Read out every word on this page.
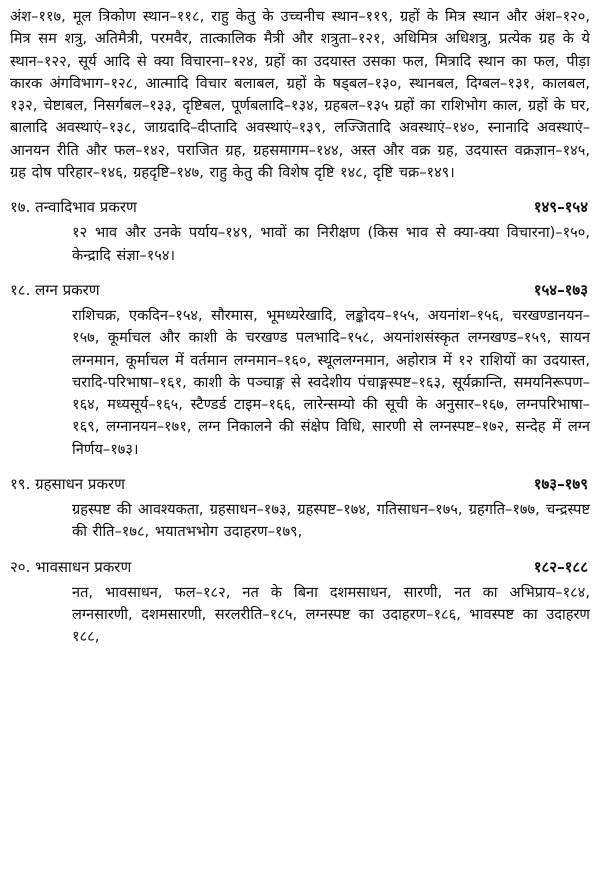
अंश–११७, मूल त्रिकोण स्थान–११८, राहु केतु के उच्चनीच स्थान–११९, ग्रहों के मित्र स्थान और अंश–१२०, मित्र सम शत्रु, अतिमैत्री, परमवैर, तात्कालिक मैत्री और शत्रुता–१२१, अधिमित्र अधिशत्रु, प्रत्येक ग्रह के ये स्थान–१२२, सूर्य आदि से क्या विचारना–१२४, ग्रहों का उदयास्त उसका फल, मित्रादि स्थान का फल, पीड़ा कारक अंगविभाग–१२८, आत्मादि विचार बलाबल, ग्रहों के षड्बल–१३०, स्थानबल, दिग्बल–१३१, कालबल, १३२, चेष्टाबल, निसर्गबल–१३३, दृष्टिबल, पूर्णबलादि–१३४, ग्रहबल–१३५ ग्रहों का राशिभोग काल, ग्रहों के घर, बालादि अवस्थाएं–१३८, जाग्रदादि–दीप्तादि अवस्थाएं–१३९, लज्जितादि अवस्थाएं–१४०, स्नानादि अवस्थाएं–आनयन रीति और फल–१४२, पराजित ग्रह, ग्रहसमागम–१४४, अस्त और वक्र ग्रह, उदयास्त वक्रज्ञान–१४५, ग्रह दोष परिहार–१४६, ग्रहदृष्टि–१४७, राहु केतु की विशेष दृष्टि १४८, दृष्टि चक्र–१४९।

१७. तन्वादिभाव प्रकरण	१४९–१५४

१२ भाव और उनके पर्याय–१४९, भावों का निरीक्षण (किस भाव से क्या-क्या विचारना)–१५०, केन्द्रादि संज्ञा–१५४।

१८. लग्न प्रकरण	१५४–१७३

राशिचक्र, एकदिन–१५४, सौरमास, भूमध्यरेखादि, लङ्कोदय–१५५, अयनांश–१५६, चरखण्डानयन–१५७, कूर्माचल और काशी के चरखण्ड पलभादि–१५८, अयनांशसंस्कृत लग्नखण्ड–१५९, सायन लग्नमान, कूर्माचल में वर्तमान लग्नमान–१६०, स्थूललग्नमान, अहोरात्र में १२ राशियों का उदयास्त, चरादि-परिभाषा–१६१, काशी के पञ्चाङ्ग से स्वदेशीय पंचाङ्गस्पष्ट–१६३, सूर्यक्रान्ति, समयनिरूपण–१६४, मध्यसूर्य–१६५, स्टैण्डर्ड टाइम–१६६, लारेन्सम्यो की सूची के अनुसार–१६७, लग्नपरिभाषा–१६९, लग्नानयन–१७१, लग्न निकालने की संक्षेप विधि, सारणी से लग्नस्पष्ट–१७२, सन्देह में लग्न निर्णय–१७३।

१९. ग्रहसाधन प्रकरण	१७३–१७९

ग्रहस्पष्ट की आवश्यकता, ग्रहसाधन–१७३, ग्रहस्पष्ट–१७४, गतिसाधन–१७५, ग्रहगति–१७७, चन्द्रस्पष्ट की रीति–१७८, भयातभभोग उदाहरण–१७९,

२०. भावसाधन प्रकरण	१८२–१८८

नत, भावसाधन, फल–१८२, नत के बिना दशमसाधन, सारणी, नत का अभिप्राय–१८४, लग्नसारणी, दशमसारणी, सरलरीति–१८५, लग्नस्पष्ट का उदाहरण–१८६, भावस्पष्ट का उदाहरण १८८,
